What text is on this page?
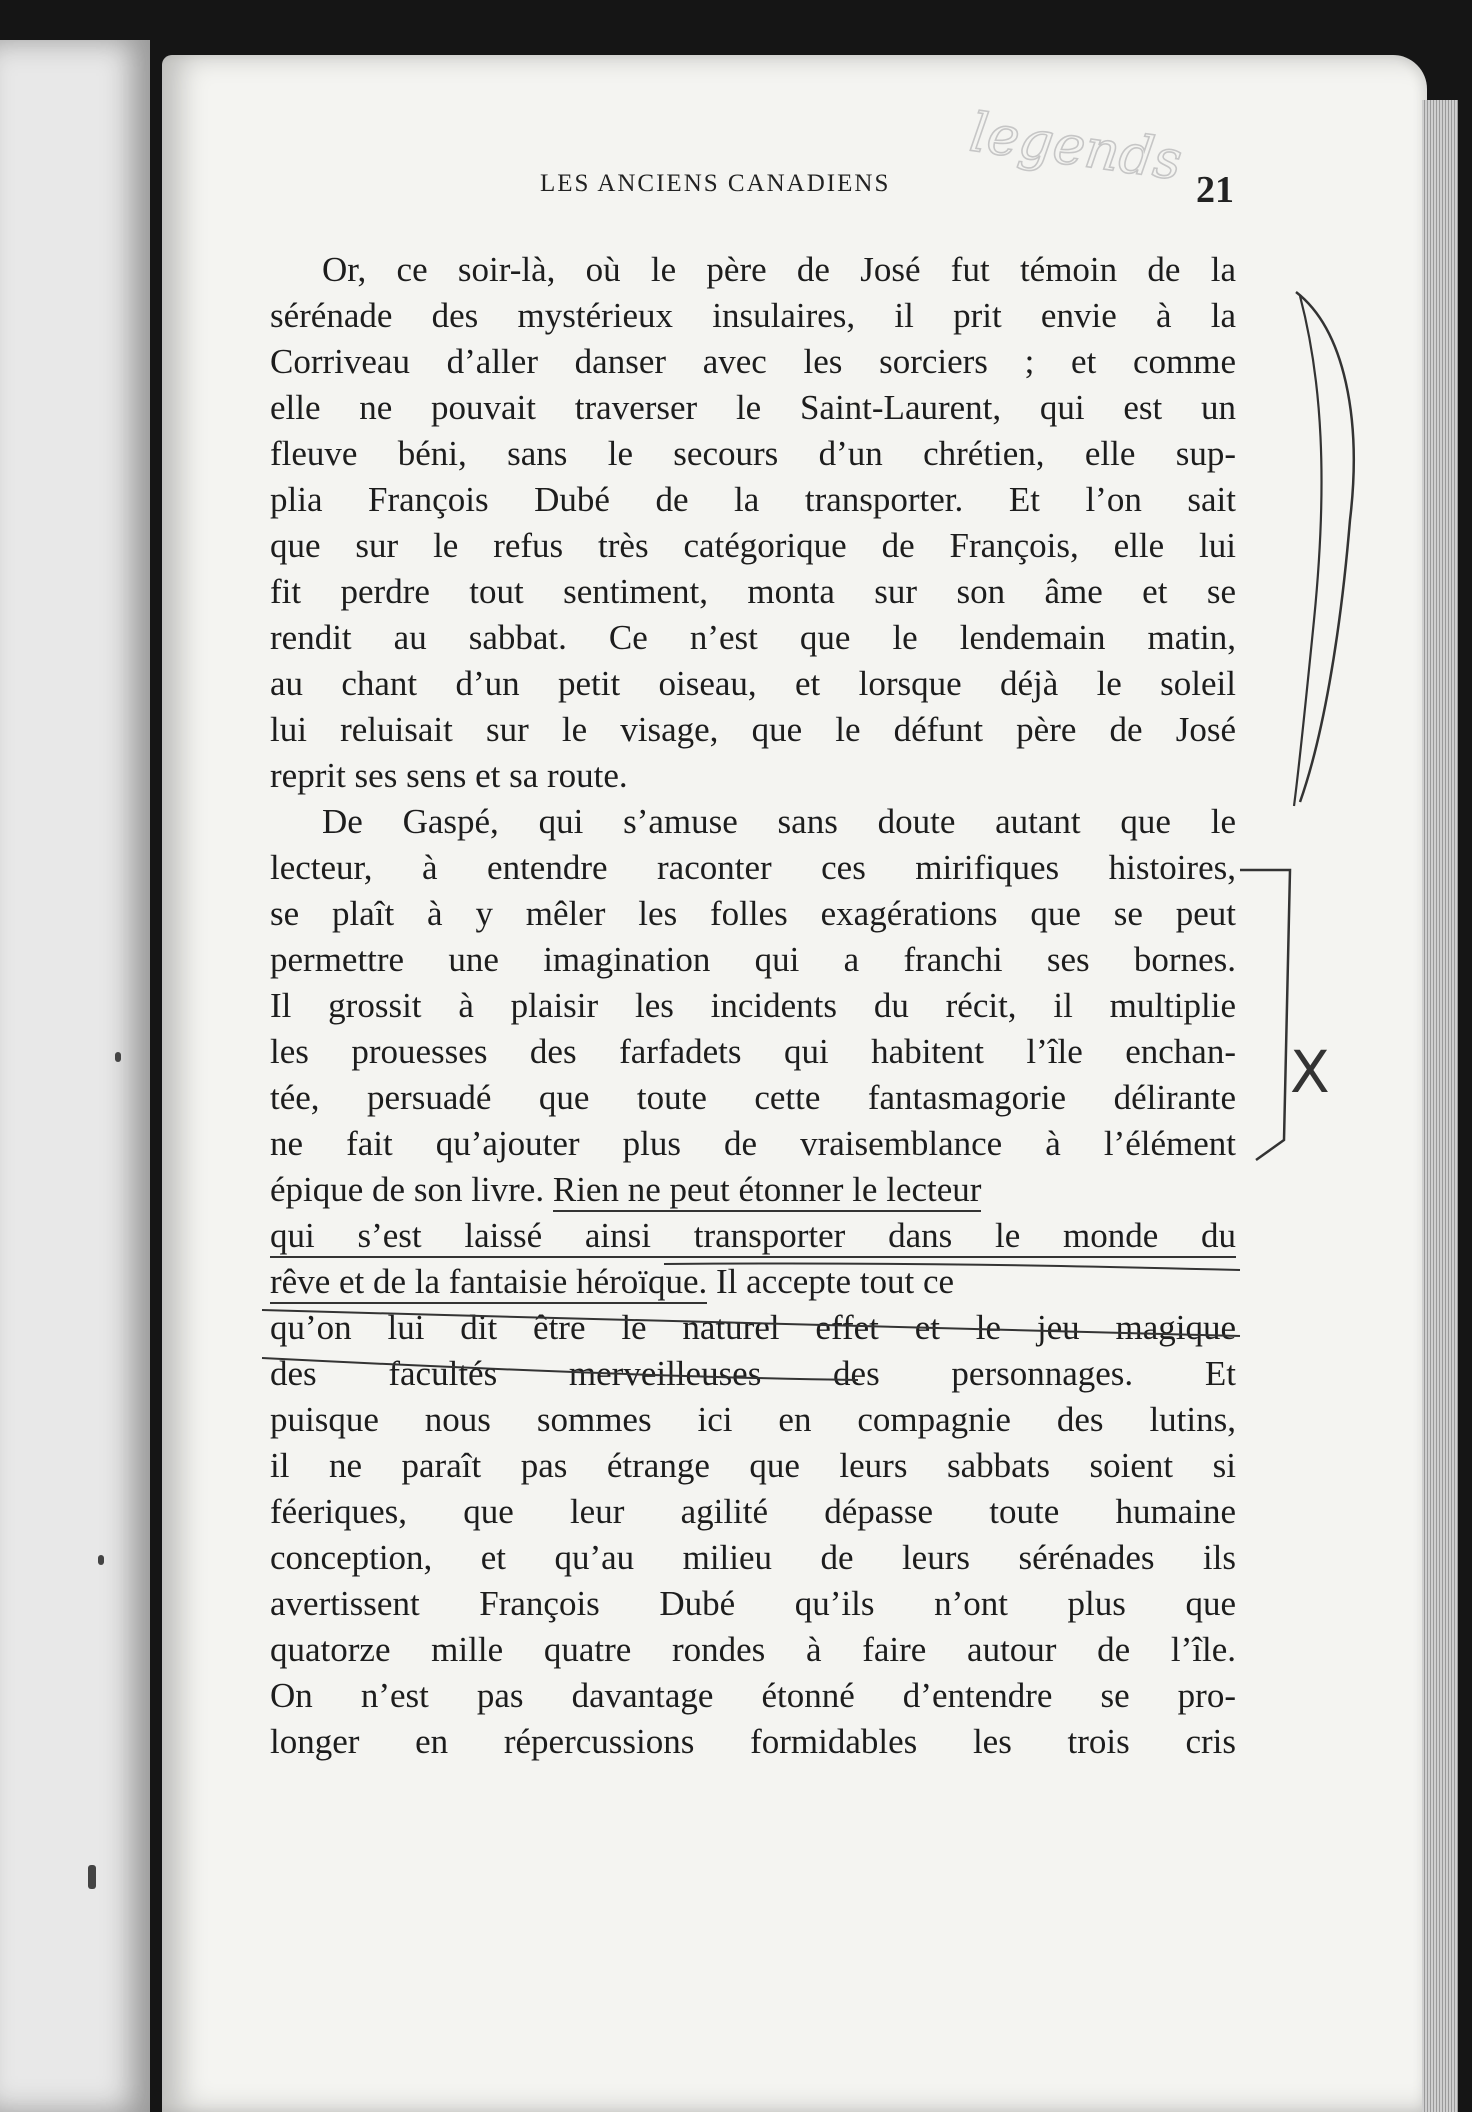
LES ANCIENS CANADIENS	21
Or, ce soir-là, où le père de José fut témoin de la
sérénade des mystérieux insulaires, il prit envie à la
Corriveau d’aller danser avec les sorciers ; et comme
elle ne pouvait traverser le Saint-Laurent, qui est un
fleuve béni, sans le secours d’un chrétien, elle sup-
plia François Dubé de la transporter. Et l’on sait
que sur le refus très catégorique de François, elle lui
fit perdre tout sentiment, monta sur son âme et se
rendit au sabbat. Ce n’est que le lendemain matin,
au chant d’un petit oiseau, et lorsque déjà le soleil
lui reluisait sur le visage, que le défunt père de José
reprit ses sens et sa route.
De Gaspé, qui s’amuse sans doute autant que le
lecteur, à entendre raconter ces mirifiques histoires,
se plaît à y mêler les folles exagérations que se peut
permettre une imagination qui a franchi ses bornes.
Il grossit à plaisir les incidents du récit, il multiplie
les prouesses des farfadets qui habitent l’île enchan-
tée, persuadé que toute cette fantasmagorie délirante
ne fait qu’ajouter plus de vraisemblance à l’élément
épique de son livre. Rien ne peut étonner le lecteur
qui s’est laissé ainsi transporter dans le monde du
rêve et de la fantaisie héroïque. Il accepte tout ce
qu’on lui dit être le naturel effet et le jeu magique
des facultés merveilleuses des personnages. Et
puisque nous sommes ici en compagnie des lutins,
il ne paraît pas étrange que leurs sabbats soient si
féeriques, que leur agilité dépasse toute humaine
conception, et qu’au milieu de leurs sérénades ils
avertissent François Dubé qu’ils n’ont plus que
quatorze mille quatre rondes à faire autour de l’île.
On n’est pas davantage étonné d’entendre se pro-
longer en répercussions formidables les trois cris
legends
X
